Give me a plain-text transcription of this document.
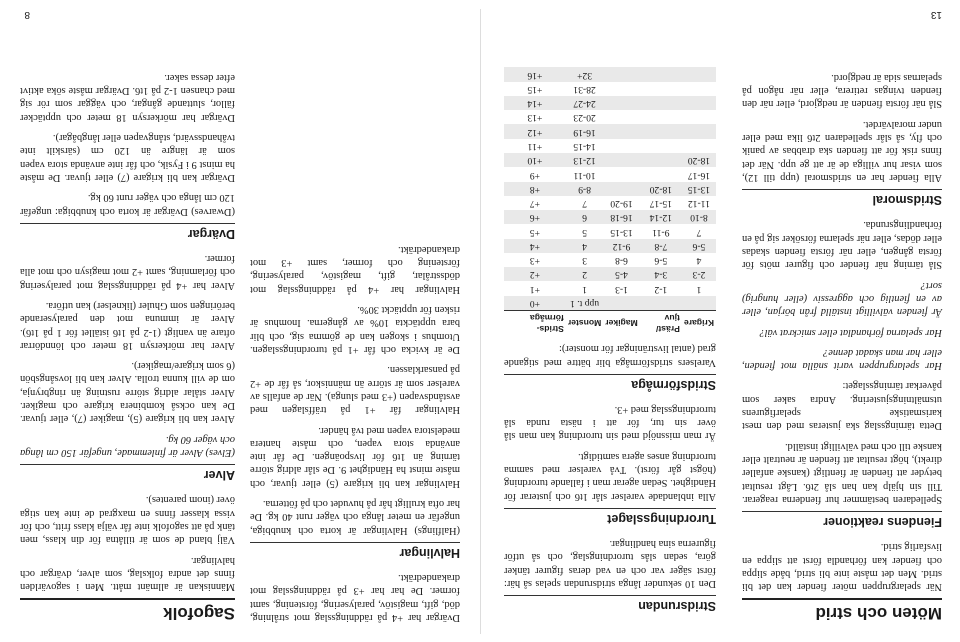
Möten och strid

När spelargruppen möter fiender kan det bli strid. Men det måste inte bli strid, både slippa och fiender kan förhandla först att slippa en livsfarlig strid.

Fiendens reaktioner

Spelledaren bestämmer hur fienderna reagerar. Till sin hjälp kan han slå 2t6. Lågt resultat betyder att fienden är fientligt (kanske anfaller direkt), högt resultat att fienden är neutralt eller kanske till och med välvilligt inställd.

Detta tärningsslag ska justeras med den mest karismatiske spelarfigurens utsmältningsjustering. Andra saker som påverkar tärningsslaget:

Har spelargruppen varit snälla mot fienden, eller har man skadat denne?

Har spelarna förhandlat eller smickrat väl?

Är fienden välvilligt inställd från början, eller av en fientlig och aggressiv (eller hungrig) sort?

Slå tärning när fiender och figurer möts för första gången, eller när första fienden skadas eller dödas, eller när spelarna försöker sig på en förhandlingsrunda.

Stridsmoral

Alla fiender har en stridsmoral (upp till 12), som visar hur villiga de är att ge upp. När det finns risk för att fienden ska drabbas av panik och fly, så slår spelledaren 2t6 lika med eller under moralvärdet.

Slå när första fienden är nedgjord, eller när den fienden tvingas retirera, eller när någon på spelarnas sida är nedgjord.

Stridsrundan

Den 10 sekunder långa stridsrundan spelas så här: först säger var och en vad deras figurer tänker göra, sedan slås turordningslag, och så utför figurerna sina handlingar.

Turordningsslaget

Alla inblandade varelser slår 1t6 och justerar för Händighet. Sedan agerar man i fallande turordning (högst går först). Två varelser med samma turordning anses agera samtidigt.

Är man missnöjd med sin turordning kan man slå över sin tur, för att i nästa runda slå turordningsslag med +3.

Stridsförmåga

Varelsers stridsförmåga blir bättre med stigande grad (antal livsträningar för monster):

Krigare	Präst/ tjuv	Magiker	Monster	Strids- förmåga
			upp t. 1	+0
1	1-2	1-3	1	+1
2-3	3-4	4-5	2	+2
4	5-6	6-8	3	+3
5-6	7-8	9-12	4	+4
7	9-11	13-15	5	+5
8-10	12-14	16-18	6	+6
11-12	15-17	19-20	7	+7
13-15	18-20		8-9	+8
16-17			10-11	+9
18-20			12-13	+10
			14-15	+11
			16-19	+12
			20-23	+13
			24-27	+14
			28-31	+15
			32+	+16
13

Dvärgar har +4 på räddningsslag mot strålning, död, gift, magistöv, paralysering, förstening, samt former. De har har +3 på räddningsslag mot drakandedräkt.

Halvlingar

(Halflings) Halvlingar är korta och knubbiga, ungefär en meter långa och väger runt 40 kg. De har ofta krulligt hår på huvudet och på fötterna.

Halvlingar kan bli krigare (5) eller tjuvar, och måste minst ha Händighet 9. De slår aldrig större tärning än 1t6 för livspoängen. De får inte använda stora vapen, och måste hantera medelstora vapen med två händer.

Halvlingar får +1 på träffslagen med avståndsvapen (+3 med slunga). När de anfalls av varelser som är större än människor, så får de +2 på pansarklassen.

De är kvicka och får +1 på turordningsslagen. Utomhus i skogen kan de gömma sig, och blir bara upptäckta 10% av gångerna. Inomhus är risken för upptäckt 30%.

Halvlingar har +4 på räddningsslag mot dödsstrålar, gift, magistöv, paralysering, förstening och former, samt +3 mot drakandedräkt.

Sagofolk

Människan är allmänt mått. Men i sagovärlden finns det andra folkslag, som alver, dvärgar och halvlingar.

Välj bland de som är tillåtna för din klass, men tänk på att sagofolk inte får välja klass fritt, och för vissa klasser finns en maxgrad de inte kan stiga över (inom parentes).

Alver

(Elves) Alver är finlemmade, ungefär 150 cm långa och väger 60 kg.

Alver kan bli krigare (5), magiker (7), eller tjuvar. De kan också kombinera krigare och magiker. Alver stålar aldrig större rustning än ringbrynja, om de vill kunna trolla. Alver kan bli lovsångsbön (6 som krigare/magiker).

Alver har mörkersyn 18 meter och lönndörrar oftare än vanligt (1-2 på 1t6 istället för 1 på 1t6). Alver är immuna mot den paralyserande beröringen som Ghuler (liknelser) kan utföra.

Alver har +4 på räddningsslag mot paralysering och förlamning, samt +2 mot magisyn och mot alla former.

Dvärgar

(Dwarves) Dvärgar är korta och knubbiga: ungefär 120 cm långa och väger runt 60 kg.

Dvärgar kan bli krigare (7) eller tjuvar. De måste ha minst 9 i Fysik, och får inte använda stora vapen som är längre än 120 cm (särskilt inte tvåhandssvärd, stångvapen eller långbågar).

Dvärgar har mörkersyn 18 meter och upptäcker fällor, sluttande gångar, och väggar som rör sig med chansen 1-2 på 1t6. Dvärgar måste söka aktivt efter dessa saker.

8
